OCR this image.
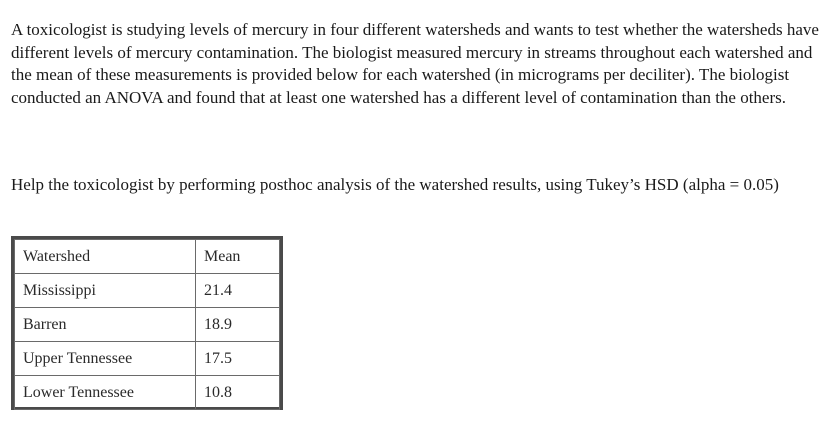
A toxicologist is studying levels of mercury in four different watersheds and wants to test whether the watersheds have different levels of mercury contamination. The biologist measured mercury in streams throughout each watershed and the mean of these measurements is provided below for each watershed (in micrograms per deciliter). The biologist conducted an ANOVA and found that at least one watershed has a different level of contamination than the others.

Help the toxicologist by performing posthoc analysis of the watershed results, using Tukey’s HSD (alpha = 0.05)

Watershed	Mean
Mississippi	21.4
Barren	18.9
Upper Tennessee	17.5
Lower Tennessee	10.8
